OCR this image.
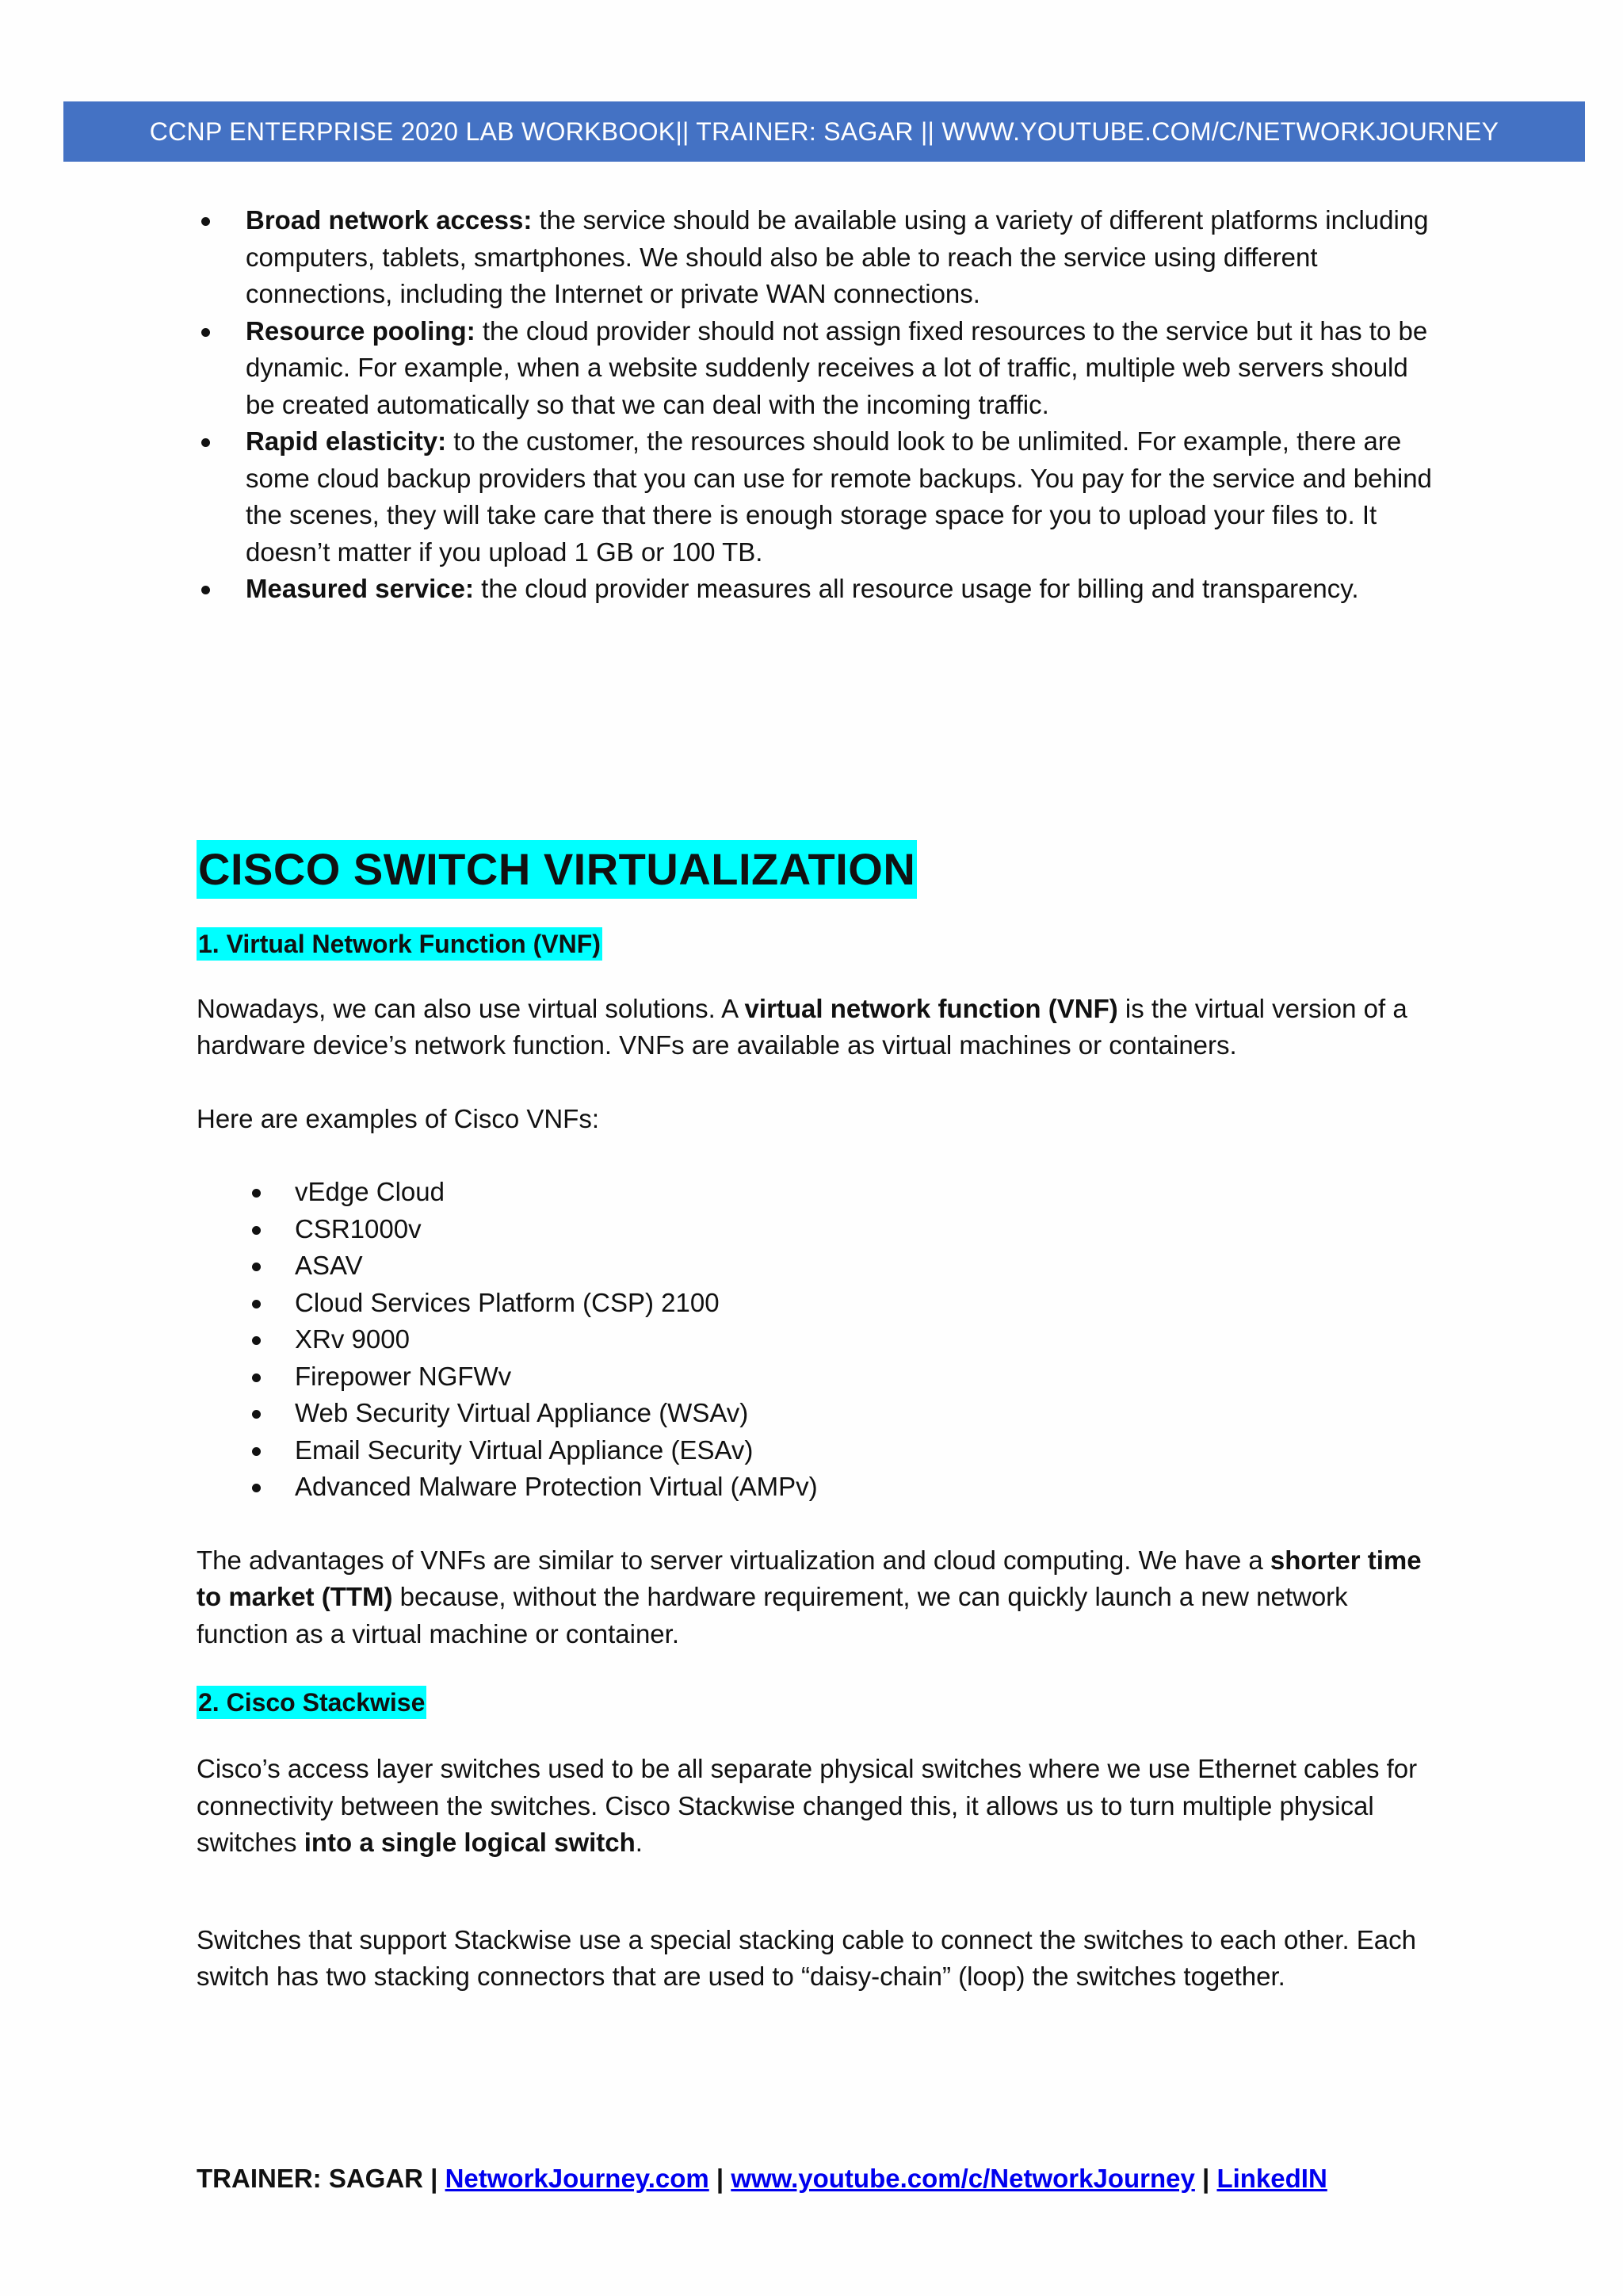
CCNP ENTERPRISE 2020 LAB WORKBOOK|| TRAINER: SAGAR || WWW.YOUTUBE.COM/C/NETWORKJOURNEY
Broad network access: the service should be available using a variety of different platforms including computers, tablets, smartphones. We should also be able to reach the service using different connections, including the Internet or private WAN connections.
Resource pooling: the cloud provider should not assign fixed resources to the service but it has to be dynamic. For example, when a website suddenly receives a lot of traffic, multiple web servers should be created automatically so that we can deal with the incoming traffic.
Rapid elasticity: to the customer, the resources should look to be unlimited. For example, there are some cloud backup providers that you can use for remote backups. You pay for the service and behind the scenes, they will take care that there is enough storage space for you to upload your files to. It doesn’t matter if you upload 1 GB or 100 TB.
Measured service: the cloud provider measures all resource usage for billing and transparency.
CISCO SWITCH VIRTUALIZATION
1. Virtual Network Function (VNF)
Nowadays, we can also use virtual solutions. A virtual network function (VNF) is the virtual version of a hardware device’s network function. VNFs are available as virtual machines or containers.
Here are examples of Cisco VNFs:
vEdge Cloud
CSR1000v
ASAV
Cloud Services Platform (CSP) 2100
XRv 9000
Firepower NGFWv
Web Security Virtual Appliance (WSAv)
Email Security Virtual Appliance (ESAv)
Advanced Malware Protection Virtual (AMPv)
The advantages of VNFs are similar to server virtualization and cloud computing. We have a shorter time to market (TTM) because, without the hardware requirement, we can quickly launch a new network function as a virtual machine or container.
2. Cisco Stackwise
Cisco’s access layer switches used to be all separate physical switches where we use Ethernet cables for connectivity between the switches. Cisco Stackwise changed this, it allows us to turn multiple physical switches into a single logical switch.
Switches that support Stackwise use a special stacking cable to connect the switches to each other. Each switch has two stacking connectors that are used to “daisy-chain” (loop) the switches together.
TRAINER: SAGAR | NetworkJourney.com | www.youtube.com/c/NetworkJourney | LinkedIN
